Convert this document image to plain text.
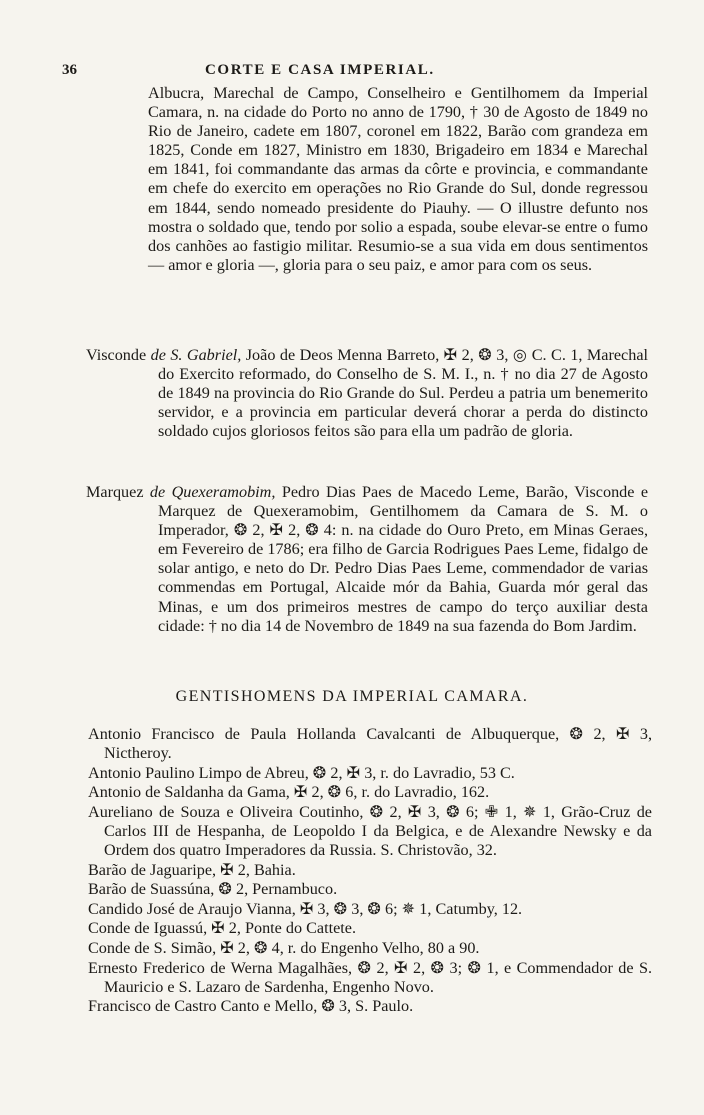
36	CORTE E CASA IMPERIAL.

Albucra, Marechal de Campo, Conselheiro e Gentilhomem da Imperial Camara, n. na cidade do Porto no anno de 1790, † 30 de Agosto de 1849 no Rio de Janeiro, cadete em 1807, coronel em 1822, Barão com grandeza em 1825, Conde em 1827, Ministro em 1830, Brigadeiro em 1834 e Marechal em 1841, foi commandante das armas da côrte e provincia, e commandante em chefe do exercito em operações no Rio Grande do Sul, donde regressou em 1844, sendo nomeado presidente do Piauhy. — O illustre defunto nos mostra o soldado que, tendo por solio a espada, soube elevar-se entre o fumo dos canhões ao fastigio militar. Resumio-se a sua vida em dous sentimentos — amor e gloria —, gloria para o seu paiz, e amor para com os seus.

Visconde de S. Gabriel, João de Deos Menna Barreto, ✠ 2, ❂ 3, ◎ C. C. 1, Marechal do Exercito reformado, do Conselho de S. M. I., n. † no dia 27 de Agosto de 1849 na provincia do Rio Grande do Sul. Perdeu a patria um benemerito servidor, e a provincia em particular deverá chorar a perda do distincto soldado cujos gloriosos feitos são para ella um padrão de gloria.

Marquez de Quexeramobim, Pedro Dias Paes de Macedo Leme, Barão, Visconde e Marquez de Quexeramobim, Gentilhomem da Camara de S. M. o Imperador, ❂ 2, ✠ 2, ❂ 4: n. na cidade do Ouro Preto, em Minas Geraes, em Fevereiro de 1786; era filho de Garcia Rodrigues Paes Leme, fidalgo de solar antigo, e neto do Dr. Pedro Dias Paes Leme, commendador de varias commendas em Portugal, Alcaide mór da Bahia, Guarda mór geral das Minas, e um dos primeiros mestres de campo do terço auxiliar desta cidade: † no dia 14 de Novembro de 1849 na sua fazenda do Bom Jardim.

GENTISHOMENS DA IMPERIAL CAMARA.

Antonio Francisco de Paula Hollanda Cavalcanti de Albuquerque, ❂ 2, ✠ 3, Nictheroy.

Antonio Paulino Limpo de Abreu, ❂ 2, ✠ 3, r. do Lavradio, 53 C.

Antonio de Saldanha da Gama, ✠ 2, ❂ 6, r. do Lavradio, 162.

Aureliano de Souza e Oliveira Coutinho, ❂ 2, ✠ 3, ❂ 6; ✙ 1, ✵ 1, Grão-Cruz de Carlos III de Hespanha, de Leopoldo I da Belgica, e de Alexandre Newsky e da Ordem dos quatro Imperadores da Russia. S. Christovão, 32.

Barão de Jaguaripe, ✠ 2, Bahia.

Barão de Suassúna, ❂ 2, Pernambuco.

Candido José de Araujo Vianna, ✠ 3, ❂ 3, ❂ 6; ✵ 1, Catumby, 12.

Conde de Iguassú, ✠ 2, Ponte do Cattete.

Conde de S. Simão, ✠ 2, ❂ 4, r. do Engenho Velho, 80 a 90.

Ernesto Frederico de Werna Magalhães, ❂ 2, ✠ 2, ❂ 3; ❂ 1, e Commendador de S. Mauricio e S. Lazaro de Sardenha, Engenho Novo.

Francisco de Castro Canto e Mello, ❂ 3, S. Paulo.
